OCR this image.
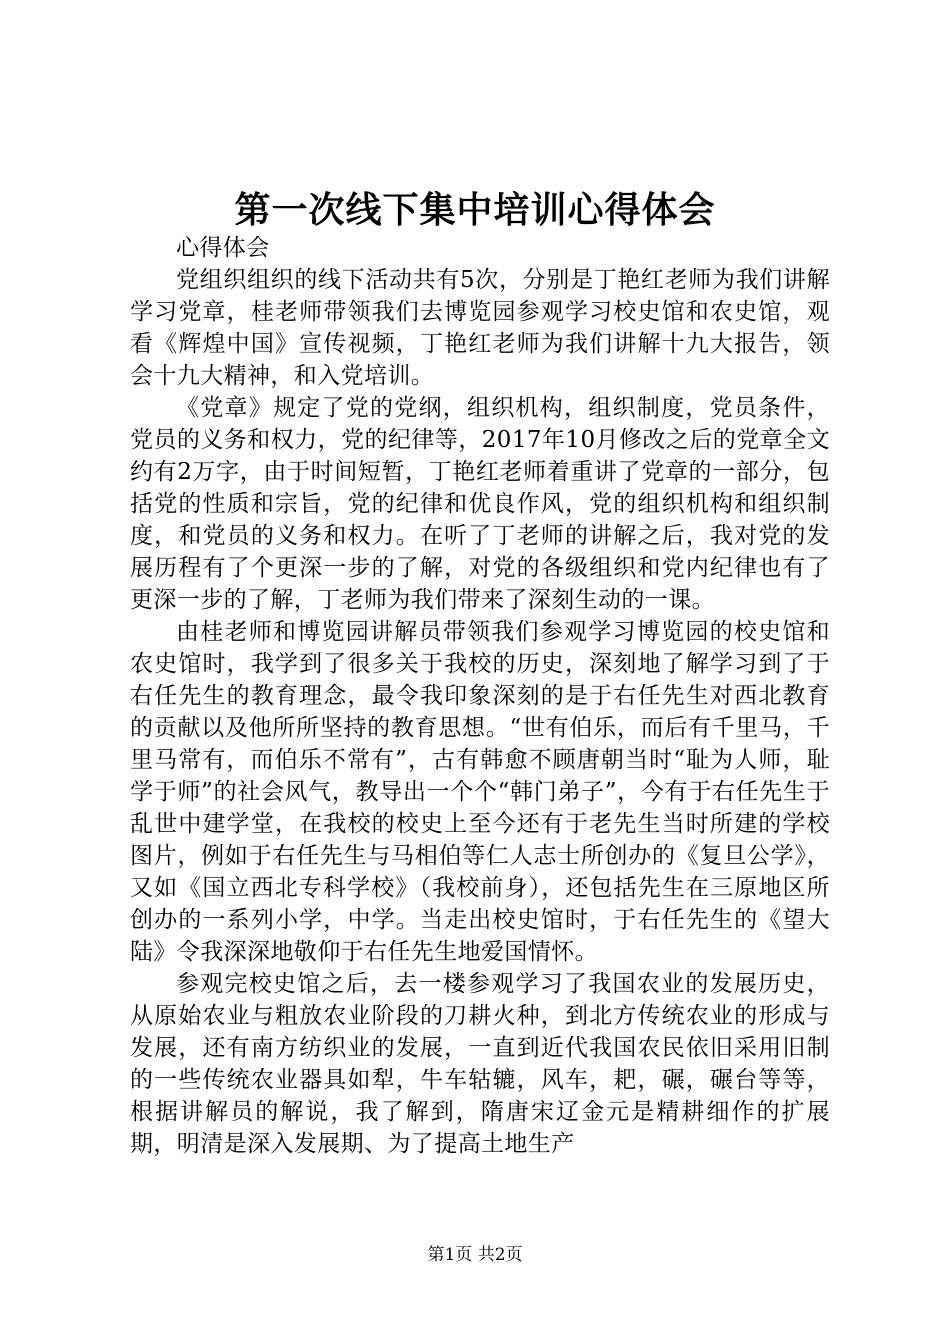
第一次线下集中培训心得体会

心得体会

党组织组织的线下活动共有5次，分别是丁艳红老师为我们讲解学习党章，桂老师带领我们去博览园参观学习校史馆和农史馆，观看《辉煌中国》宣传视频，丁艳红老师为我们讲解十九大报告，领会十九大精神，和入党培训。

《党章》规定了党的党纲，组织机构，组织制度，党员条件，党员的义务和权力，党的纪律等，2017年10月修改之后的党章全文约有2万字，由于时间短暂，丁艳红老师着重讲了党章的一部分，包括党的性质和宗旨，党的纪律和优良作风，党的组织机构和组织制度，和党员的义务和权力。在听了丁老师的讲解之后，我对党的发展历程有了个更深一步的了解，对党的各级组织和党内纪律也有了更深一步的了解，丁老师为我们带来了深刻生动的一课。

由桂老师和博览园讲解员带领我们参观学习博览园的校史馆和农史馆时，我学到了很多关于我校的历史，深刻地了解学习到了于右任先生的教育理念，最令我印象深刻的是于右任先生对西北教育的贡献以及他所所坚持的教育思想。“世有伯乐，而后有千里马，千里马常有，而伯乐不常有”，古有韩愈不顾唐朝当时“耻为人师，耻学于师”的社会风气，教导出一个个“韩门弟子”，今有于右任先生于乱世中建学堂，在我校的校史上至今还有于老先生当时所建的学校图片，例如于右任先生与马相伯等仁人志士所创办的《复旦公学》，又如《国立西北专科学校》（我校前身），还包括先生在三原地区所创办的一系列小学，中学。当走出校史馆时，于右任先生的《望大陆》令我深深地敬仰于右任先生地爱国情怀。

参观完校史馆之后，去一楼参观学习了我国农业的发展历史，从原始农业与粗放农业阶段的刀耕火种，到北方传统农业的形成与发展，还有南方纺织业的发展，一直到近代我国农民依旧采用旧制的一些传统农业器具如犁，牛车轱辘，风车，耙，碾，碾台等等，根据讲解员的解说，我了解到，隋唐宋辽金元是精耕细作的扩展期，明清是深入发展期、为了提高土地生产

第1页 共2页
